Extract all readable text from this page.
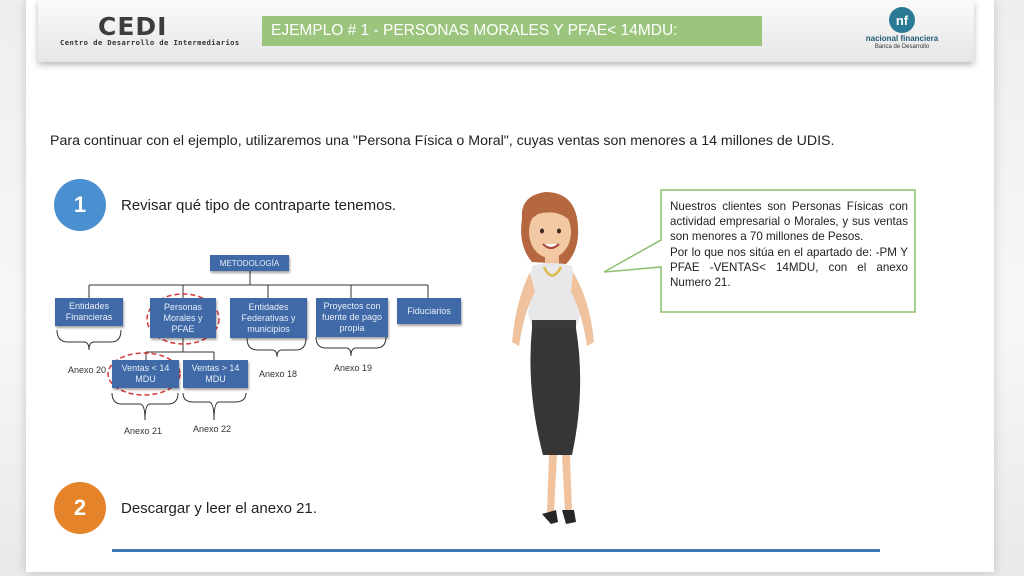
CEDI
Centro de Desarrollo de Intermediarios
EJEMPLO # 1 - PERSONAS MORALES Y PFAE< 14MDU:
nf
nacional financiera
Banca de Desarrollo
Para continuar con el ejemplo, utilizaremos una "Persona Física o Moral", cuyas ventas son menores a 14 millones de UDIS.
1	Revisar qué tipo de contraparte tenemos.
2	Descargar y leer el anexo 21.
METODOLOGÍA
Entidades Financieras
Personas Morales y PFAE
Entidades Federativas y municipios
Proyectos con fuente de pago propia
Fiduciarios
Ventas < 14 MDU
Ventas > 14 MDU
Anexo 20	Anexo 18
Anexo 19
Anexo 21	Anexo 22

Nuestros clientes son Personas Físicas con actividad empresarial o Morales, y sus ventas son menores a 70 millones de Pesos.

Por lo que nos sitúa en el apartado de: -PM Y PFAE -VENTAS< 14MDU, con el anexo Numero 21.
